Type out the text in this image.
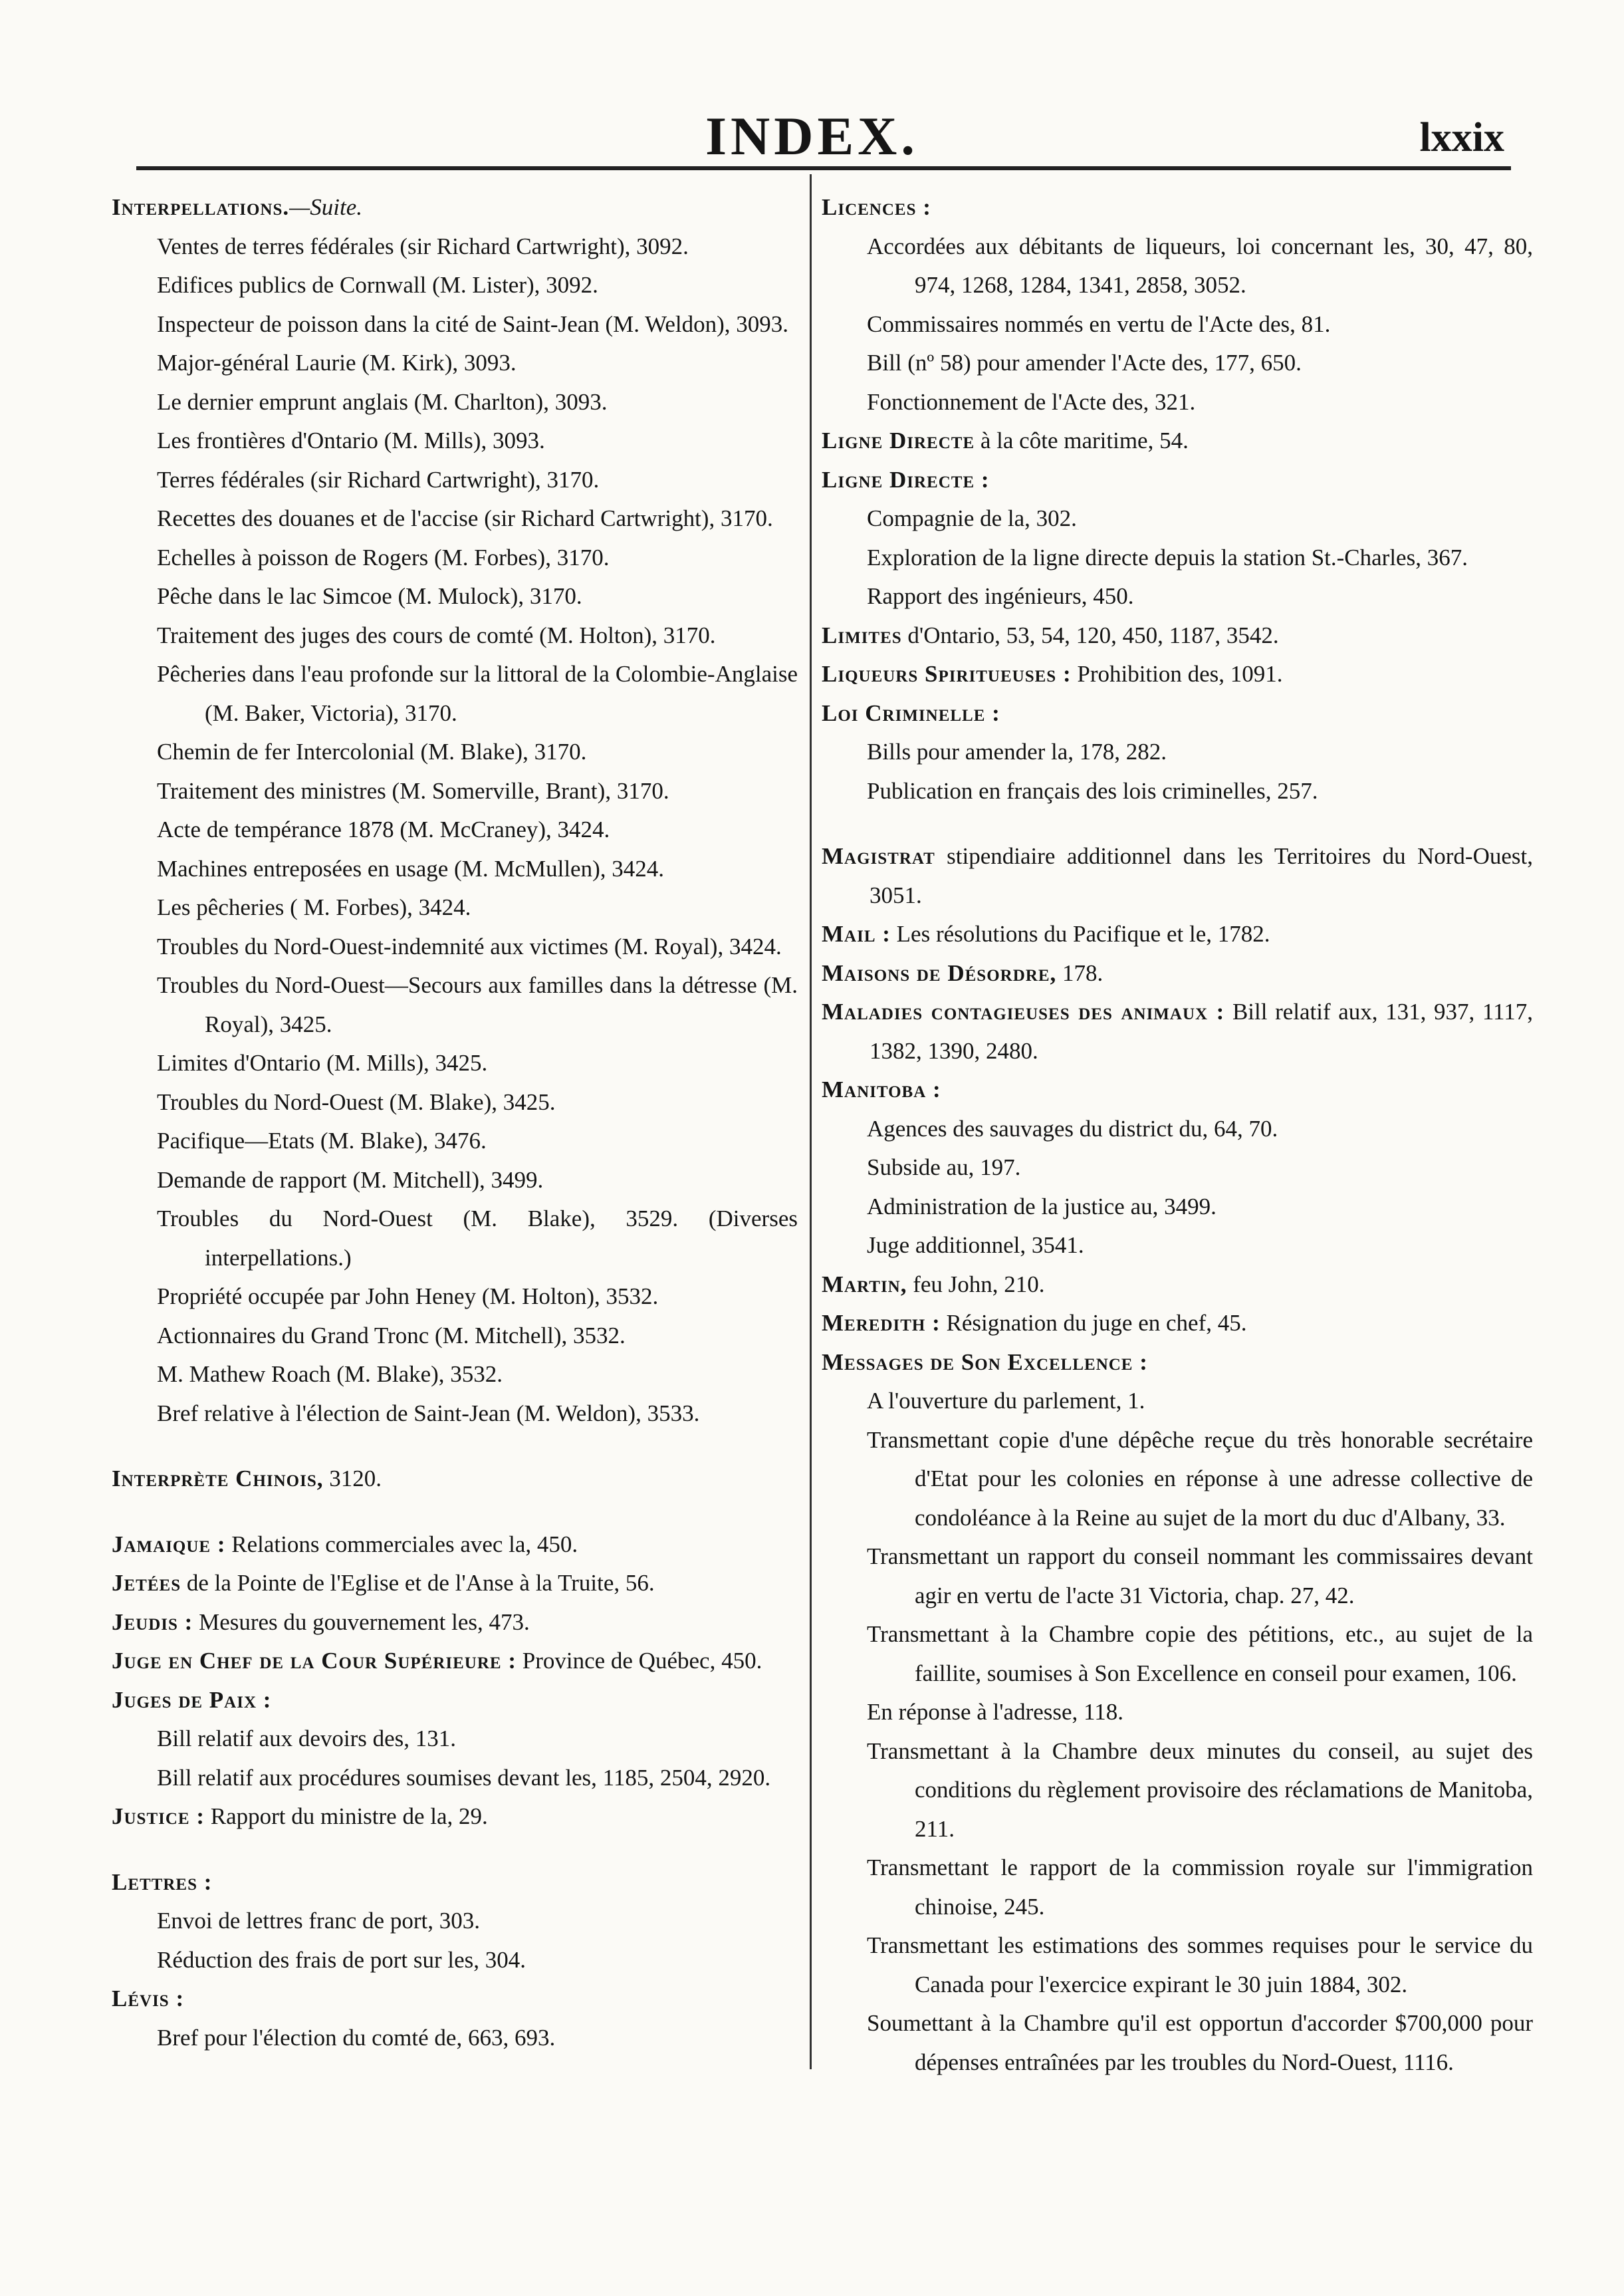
INDEX.	lxxix

Interpellations.—Suite.

Ventes de terres fédérales (sir Richard Cartwright), 3092.

Edifices publics de Cornwall (M. Lister), 3092.

Inspecteur de poisson dans la cité de Saint-Jean (M. Weldon), 3093.

Major-général Laurie (M. Kirk), 3093.

Le dernier emprunt anglais (M. Charlton), 3093.

Les frontières d'Ontario (M. Mills), 3093.

Terres fédérales (sir Richard Cartwright), 3170.

Recettes des douanes et de l'accise (sir Richard Cartwright), 3170.

Echelles à poisson de Rogers (M. Forbes), 3170.

Pêche dans le lac Simcoe (M. Mulock), 3170.

Traitement des juges des cours de comté (M. Holton), 3170.

Pêcheries dans l'eau profonde sur la littoral de la Colombie-Anglaise (M. Baker, Victoria), 3170.

Chemin de fer Intercolonial (M. Blake), 3170.

Traitement des ministres (M. Somerville, Brant), 3170.

Acte de tempérance 1878 (M. McCraney), 3424.

Machines entreposées en usage (M. McMullen), 3424.

Les pêcheries ( M. Forbes), 3424.

Troubles du Nord-Ouest-indemnité aux victimes (M. Royal), 3424.

Troubles du Nord-Ouest—Secours aux familles dans la détresse (M. Royal), 3425.

Limites d'Ontario (M. Mills), 3425.

Troubles du Nord-Ouest (M. Blake), 3425.

Pacifique—Etats (M. Blake), 3476.

Demande de rapport (M. Mitchell), 3499.

Troubles du Nord-Ouest (M. Blake), 3529. (Diverses interpellations.)

Propriété occupée par John Heney (M. Holton), 3532.

Actionnaires du Grand Tronc (M. Mitchell), 3532.

M. Mathew Roach (M. Blake), 3532.

Bref relative à l'élection de Saint-Jean (M. Weldon), 3533.

Interprète Chinois, 3120.

Jamaique : Relations commerciales avec la, 450.

Jetées de la Pointe de l'Eglise et de l'Anse à la Truite, 56.

Jeudis : Mesures du gouvernement les, 473.

Juge en Chef de la Cour Supérieure : Province de Québec, 450.

Juges de Paix :

Bill relatif aux devoirs des, 131.

Bill relatif aux procédures soumises devant les, 1185, 2504, 2920.

Justice : Rapport du ministre de la, 29.

Lettres :

Envoi de lettres franc de port, 303.

Réduction des frais de port sur les, 304.

Lévis :

Bref pour l'élection du comté de, 663, 693.

Licences :

Accordées aux débitants de liqueurs, loi concernant les, 30, 47, 80, 974, 1268, 1284, 1341, 2858, 3052.

Commissaires nommés en vertu de l'Acte des, 81.

Bill (nº 58) pour amender l'Acte des, 177, 650.

Fonctionnement de l'Acte des, 321.

Ligne Directe à la côte maritime, 54.

Ligne Directe :

Compagnie de la, 302.

Exploration de la ligne directe depuis la station St.-Charles, 367.

Rapport des ingénieurs, 450.

Limites d'Ontario, 53, 54, 120, 450, 1187, 3542.

Liqueurs Spiritueuses : Prohibition des, 1091.

Loi Criminelle :

Bills pour amender la, 178, 282.

Publication en français des lois criminelles, 257.

Magistrat stipendiaire additionnel dans les Territoires du Nord-Ouest, 3051.

Mail : Les résolutions du Pacifique et le, 1782.

Maisons de Désordre, 178.

Maladies contagieuses des animaux : Bill relatif aux, 131, 937, 1117, 1382, 1390, 2480.

Manitoba :

Agences des sauvages du district du, 64, 70.

Subside au, 197.

Administration de la justice au, 3499.

Juge additionnel, 3541.

Martin, feu John, 210.

Meredith : Résignation du juge en chef, 45.

Messages de Son Excellence :

A l'ouverture du parlement, 1.

Transmettant copie d'une dépêche reçue du très honorable secrétaire d'Etat pour les colonies en réponse à une adresse collective de condoléance à la Reine au sujet de la mort du duc d'Albany, 33.

Transmettant un rapport du conseil nommant les commissaires devant agir en vertu de l'acte 31 Victoria, chap. 27, 42.

Transmettant à la Chambre copie des pétitions, etc., au sujet de la faillite, soumises à Son Excellence en conseil pour examen, 106.

En réponse à l'adresse, 118.

Transmettant à la Chambre deux minutes du conseil, au sujet des conditions du règlement provisoire des réclamations de Manitoba, 211.

Transmettant le rapport de la commission royale sur l'immigration chinoise, 245.

Transmettant les estimations des sommes requises pour le service du Canada pour l'exercice expirant le 30 juin 1884, 302.

Soumettant à la Chambre qu'il est opportun d'accorder $700,000 pour dépenses entraînées par les troubles du Nord-Ouest, 1116.
